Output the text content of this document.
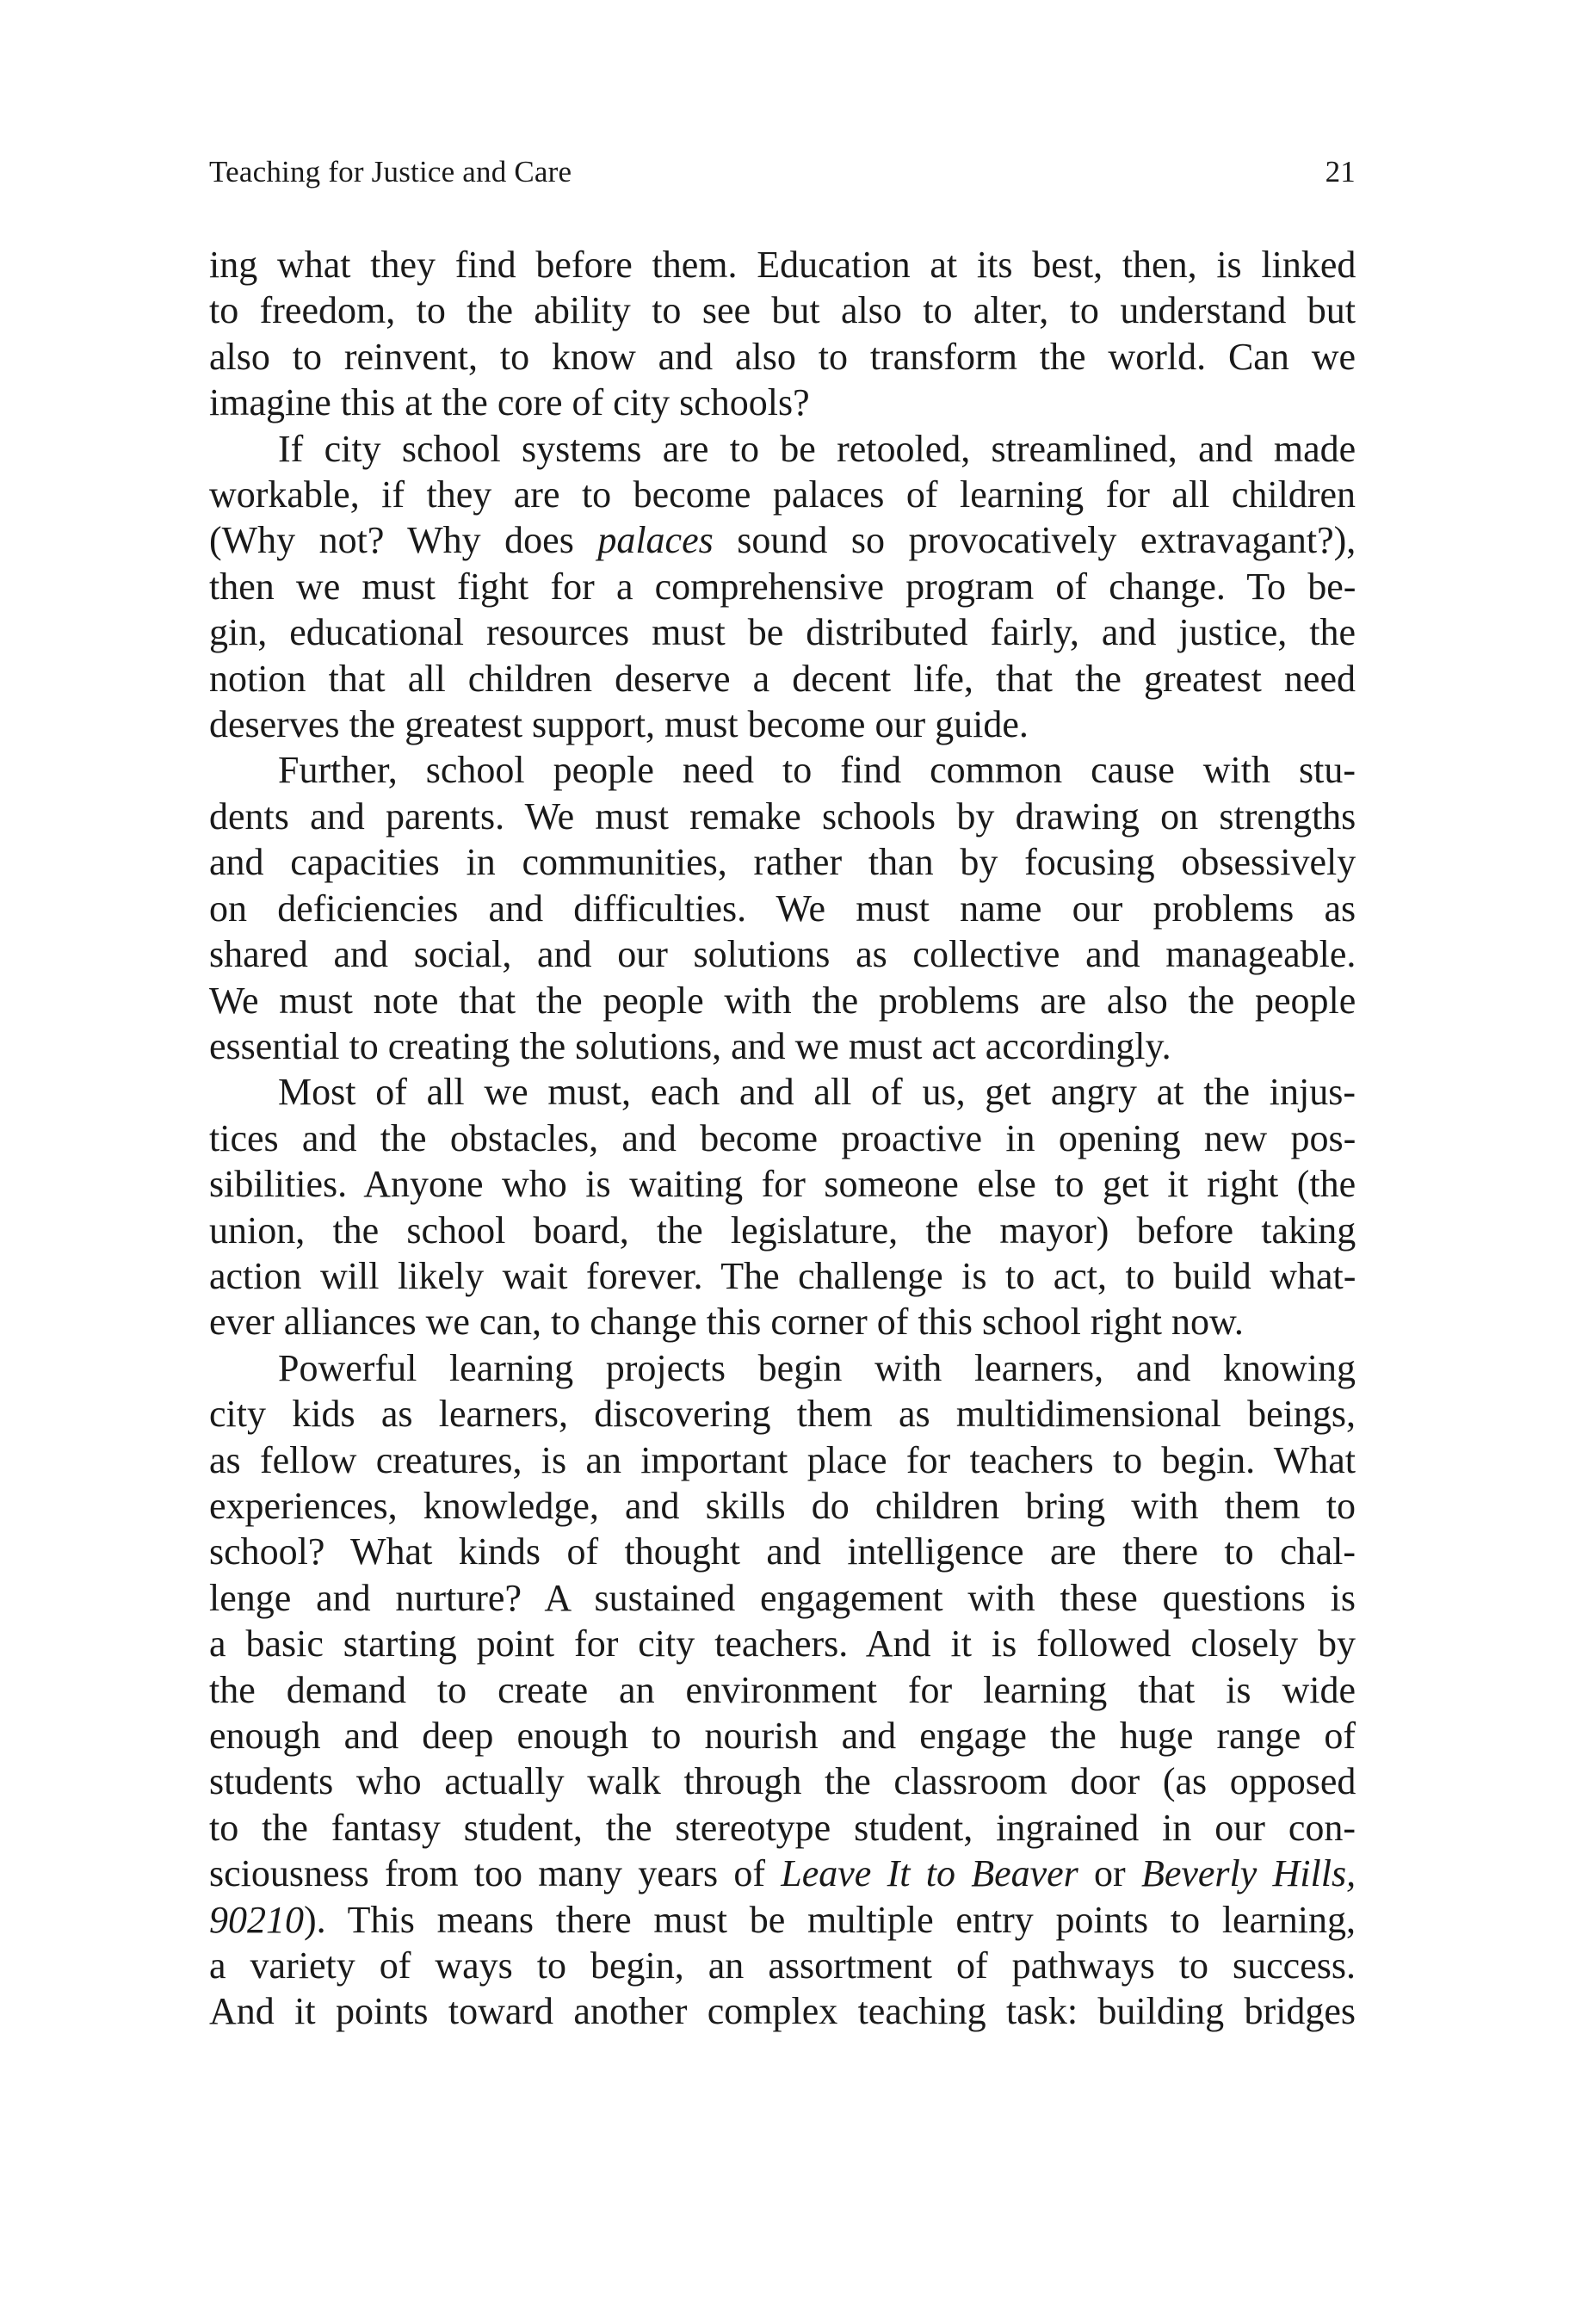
Teaching for Justice and Care	21
ing what they find before them. Education at its best, then, is linked
to freedom, to the ability to see but also to alter, to understand but
also to reinvent, to know and also to transform the world. Can we
imagine this at the core of city schools?
If city school systems are to be retooled, streamlined, and made
workable, if they are to become palaces of learning for all children
(Why not? Why does palaces sound so provocatively extravagant?),
then we must fight for a comprehensive program of change. To be-
gin, educational resources must be distributed fairly, and justice, the
notion that all children deserve a decent life, that the greatest need
deserves the greatest support, must become our guide.
Further, school people need to find common cause with stu-
dents and parents. We must remake schools by drawing on strengths
and capacities in communities, rather than by focusing obsessively
on deficiencies and difficulties. We must name our problems as
shared and social, and our solutions as collective and manageable.
We must note that the people with the problems are also the people
essential to creating the solutions, and we must act accordingly.
Most of all we must, each and all of us, get angry at the injus-
tices and the obstacles, and become proactive in opening new pos-
sibilities. Anyone who is waiting for someone else to get it right (the
union, the school board, the legislature, the mayor) before taking
action will likely wait forever. The challenge is to act, to build what-
ever alliances we can, to change this corner of this school right now.
Powerful learning projects begin with learners, and knowing
city kids as learners, discovering them as multidimensional beings,
as fellow creatures, is an important place for teachers to begin. What
experiences, knowledge, and skills do children bring with them to
school? What kinds of thought and intelligence are there to chal-
lenge and nurture? A sustained engagement with these questions is
a basic starting point for city teachers. And it is followed closely by
the demand to create an environment for learning that is wide
enough and deep enough to nourish and engage the huge range of
students who actually walk through the classroom door (as opposed
to the fantasy student, the stereotype student, ingrained in our con-
sciousness from too many years of Leave It to Beaver or Beverly Hills,
90210). This means there must be multiple entry points to learning,
a variety of ways to begin, an assortment of pathways to success.
And it points toward another complex teaching task: building bridges
